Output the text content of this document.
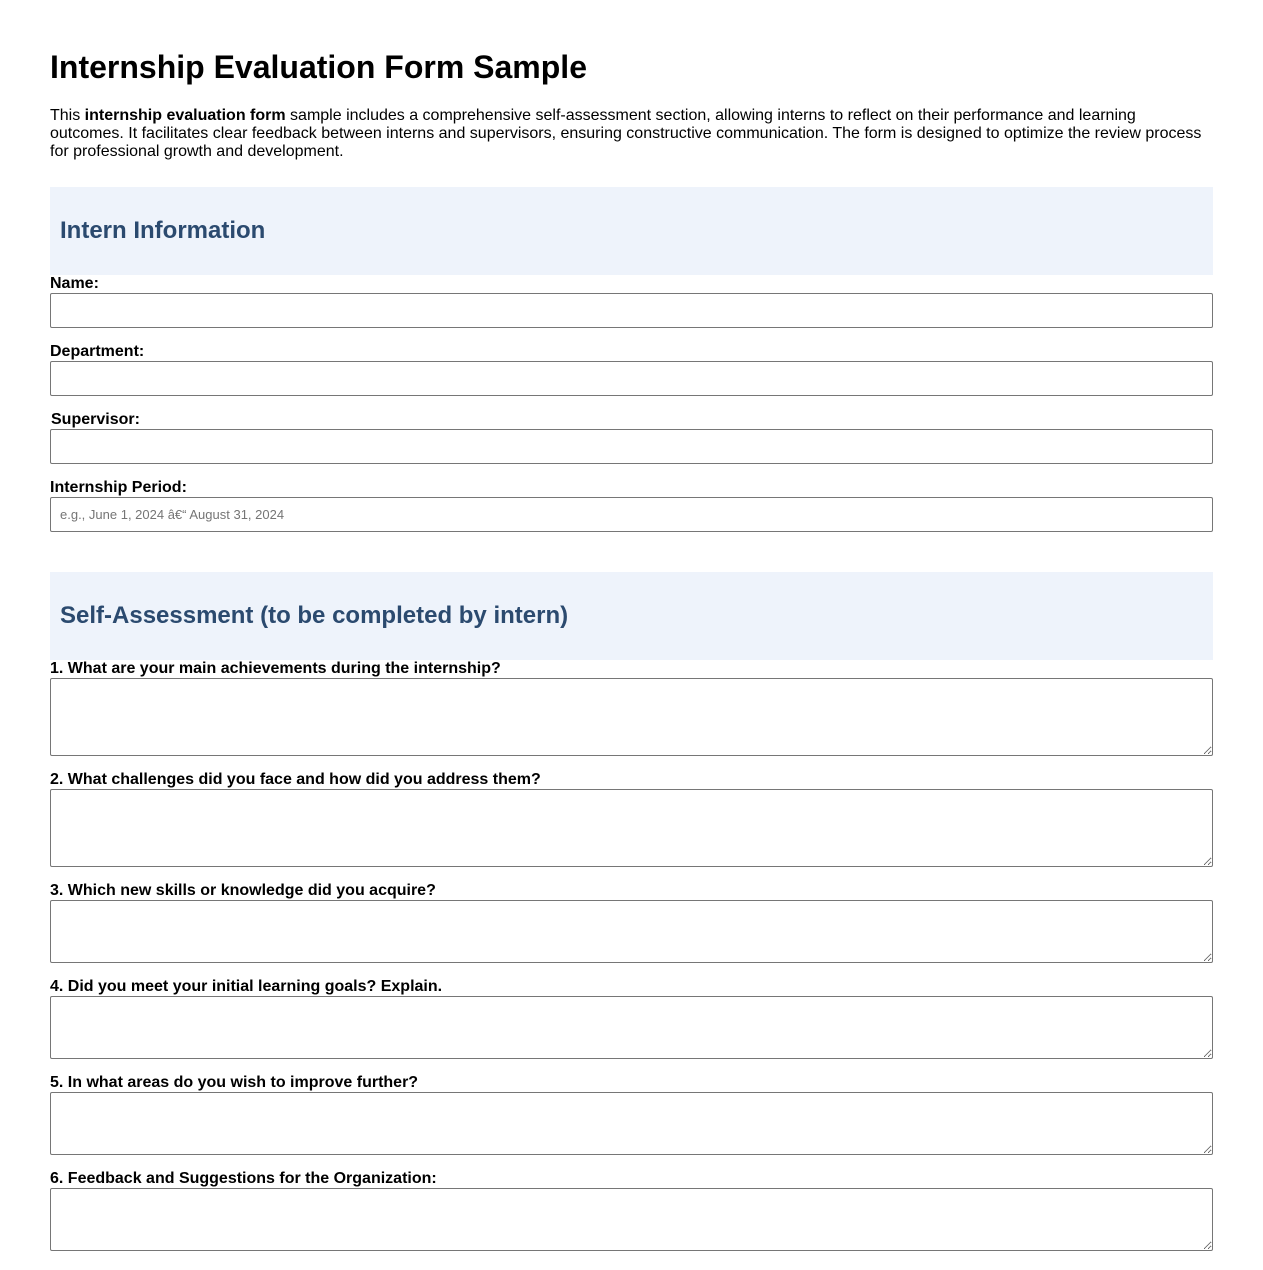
Internship Evaluation Form Sample

This internship evaluation form sample includes a comprehensive self-assessment section, allowing interns to reflect on their performance and learning outcomes. It facilitates clear feedback between interns and supervisors, ensuring constructive communication. The form is designed to optimize the review process for professional growth and development.

Intern Information
Name:
Department:
Supervisor:
Internship Period:
e.g., June 1, 2024 â€“ August 31, 2024
Self-Assessment (to be completed by intern)
1. What are your main achievements during the internship?
2. What challenges did you face and how did you address them?
3. Which new skills or knowledge did you acquire?
4. Did you meet your initial learning goals? Explain.
5. In what areas do you wish to improve further?
6. Feedback and Suggestions for the Organization:
